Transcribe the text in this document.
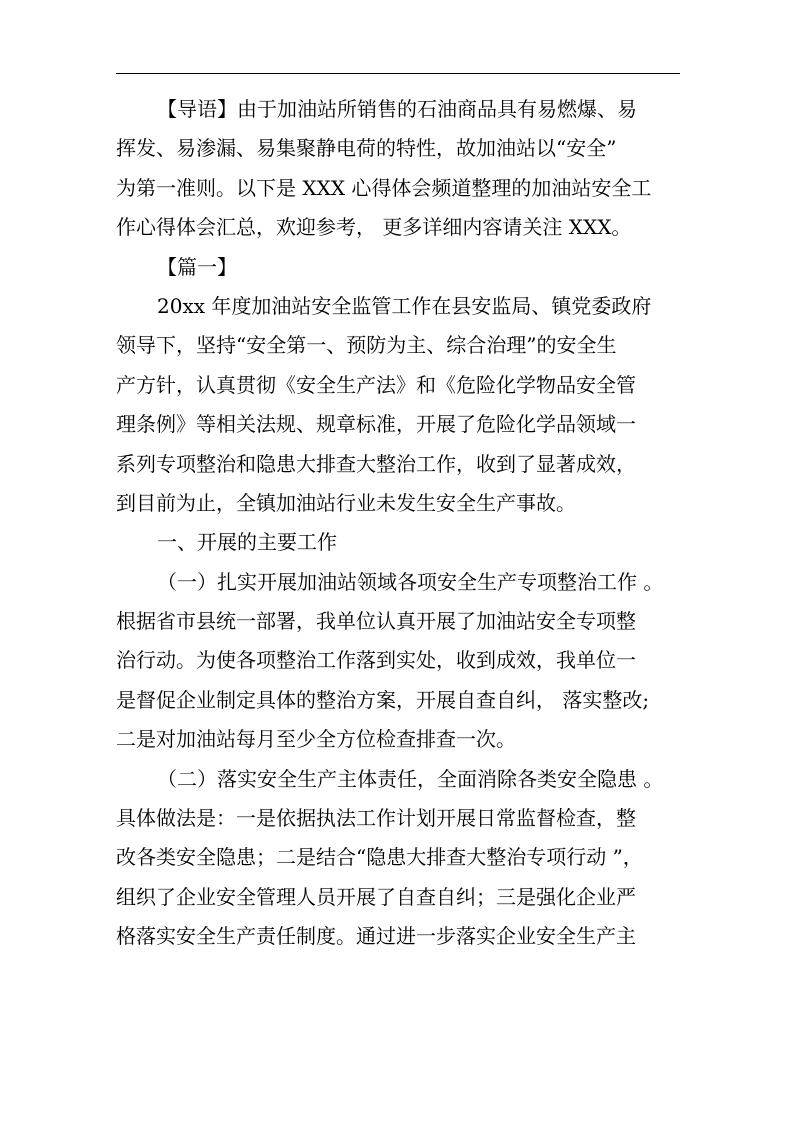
【导语】由于加油站所销售的石油商品具有易燃爆、易
挥发、易渗漏、易集聚静电荷的特性，故加油站以“安全”
为第一准则。以下是 XXX 心得体会频道整理的加油站安全工
作心得体会汇总，欢迎参考， 更多详细内容请关注 XXX。
【篇一】
20xx 年度加油站安全监管工作在县安监局、镇党委政府
领导下，坚持“安全第一、预防为主、综合治理”的安全生
产方针，认真贯彻《安全生产法》和《危险化学物品安全管
理条例》等相关法规、规章标准，开展了危险化学品领域一
系列专项整治和隐患大排查大整治工作，收到了显著成效，
到目前为止，全镇加油站行业未发生安全生产事故。
一、开展的主要工作
（一）扎实开展加油站领域各项安全生产专项整治工作 。
根据省市县统一部署，我单位认真开展了加油站安全专项整
治行动。为使各项整治工作落到实处，收到成效，我单位一
是督促企业制定具体的整治方案，开展自查自纠， 落实整改;
二是对加油站每月至少全方位检查排查一次。
（二）落实安全生产主体责任，全面消除各类安全隐患 。
具体做法是：一是依据执法工作计划开展日常监督检查，整
改各类安全隐患；二是结合“隐患大排查大整治专项行动 ”，
组织了企业安全管理人员开展了自查自纠；三是强化企业严
格落实安全生产责任制度。通过进一步落实企业安全生产主
